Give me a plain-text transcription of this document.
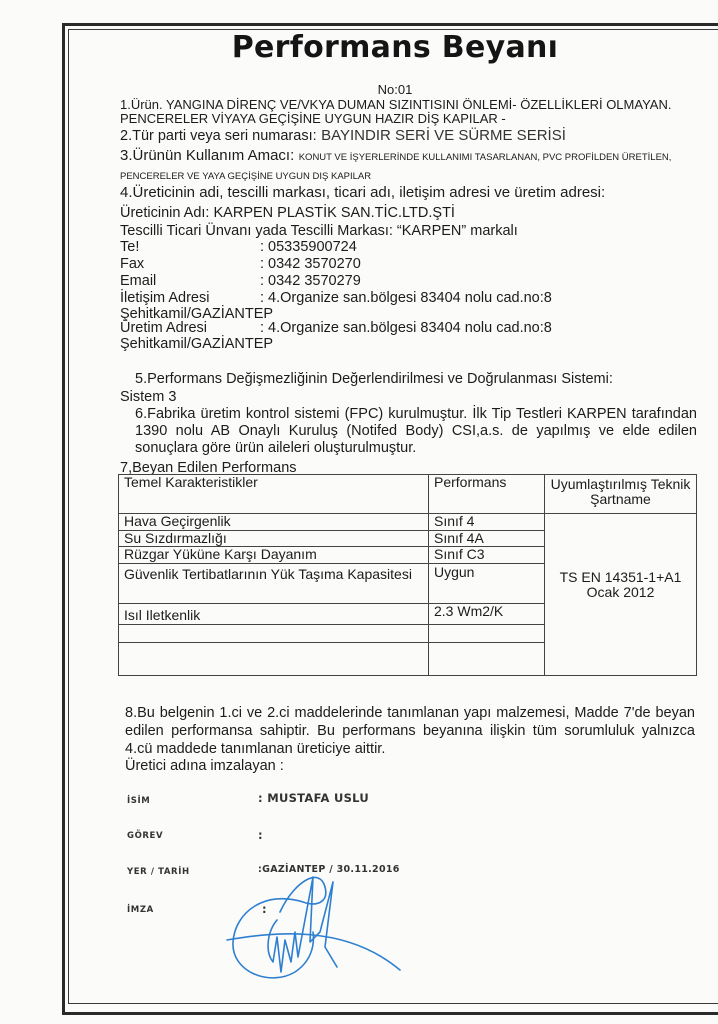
Performans Beyanı
No:01
1.Ürün. YANGINA DİRENÇ VE/VKYA DUMAN SIZINTISINI ÖNLEMİ- ÖZELLİKLERİ OLMAYAN.
PENCERELER VİYAYA GEÇİŞİNE UYGUN HAZIR DİŞ KAPILAR -
2.Tür parti veya seri numarası: BAYINDIR SERİ VE SÜRME SERİSİ
3.Ürünün Kullanım Amacı: KONUT VE İŞYERLERİNDE KULLANIMI TASARLANAN, PVC PROFİLDEN ÜRETİLEN,
PENCERELER VE YAYA GEÇİŞİNE UYGUN DIŞ KAPILAR
4.Üreticinin adi, tescilli markası, ticari adı, iletişim adresi ve üretim adresi:
Üreticinin Adı: KARPEN PLASTİK SAN.TİC.LTD.ŞTİ
Tescilli Ticari Ünvanı yada Tescilli Markası: “KARPEN” markalı
Te!	: 05335900724
Fax	: 0342 3570270
Email	: 0342 3570279
İletişim Adresi	: 4.Organize san.bölgesi 83404 nolu cad.no:8
Şehitkamil/GAZİANTEP
Üretim Adresi	: 4.Organize san.bölgesi 83404 nolu cad.no:8
Şehitkamil/GAZİANTEP
5.Performans Değişmezliğinin Değerlendirilmesi ve Doğrulanması Sistemi:
Sistem 3
6.Fabrika üretim kontrol sistemi (FPC) kurulmuştur. İlk Tip Testleri KARPEN tarafından 1390 nolu AB Onaylı Kuruluş (Notifed Body) CSI,a.s. de yapılmış ve elde edilen sonuçlara göre ürün aileleri oluşturulmuştur.
7,Beyan Edilen Performans
Temel Karakteristikler	Performans	Uyumlaştırılmış Teknik Şartname
Hava Geçirgenlik	Sınıf 4	TS EN 14351-1+A1
Ocak 2012

Su Sızdırmazlığı	Sınıf 4A	
Rüzgar Yüküne Karşı Dayanım	Sınıf C3	
Güvenlik Tertibatlarının Yük Taşıma Kapasitesi	Uygun	
Isıl Iletkenlik	2.3 Wm2/K	

8.Bu belgenin 1.ci ve 2.ci maddelerinde tanımlanan yapı malzemesi, Madde 7'de beyan edilen performansa sahiptir. Bu performans beyanına ilişkin tüm sorumluluk yalnızca 4.cü maddede tanımlanan üreticiye aittir.
Üretici adına imzalayan :
İSİM	: MUSTAFA USLU
GÖREV	:
YER / TARİH	:GAZİANTEP / 30.11.2016
İMZA	:
